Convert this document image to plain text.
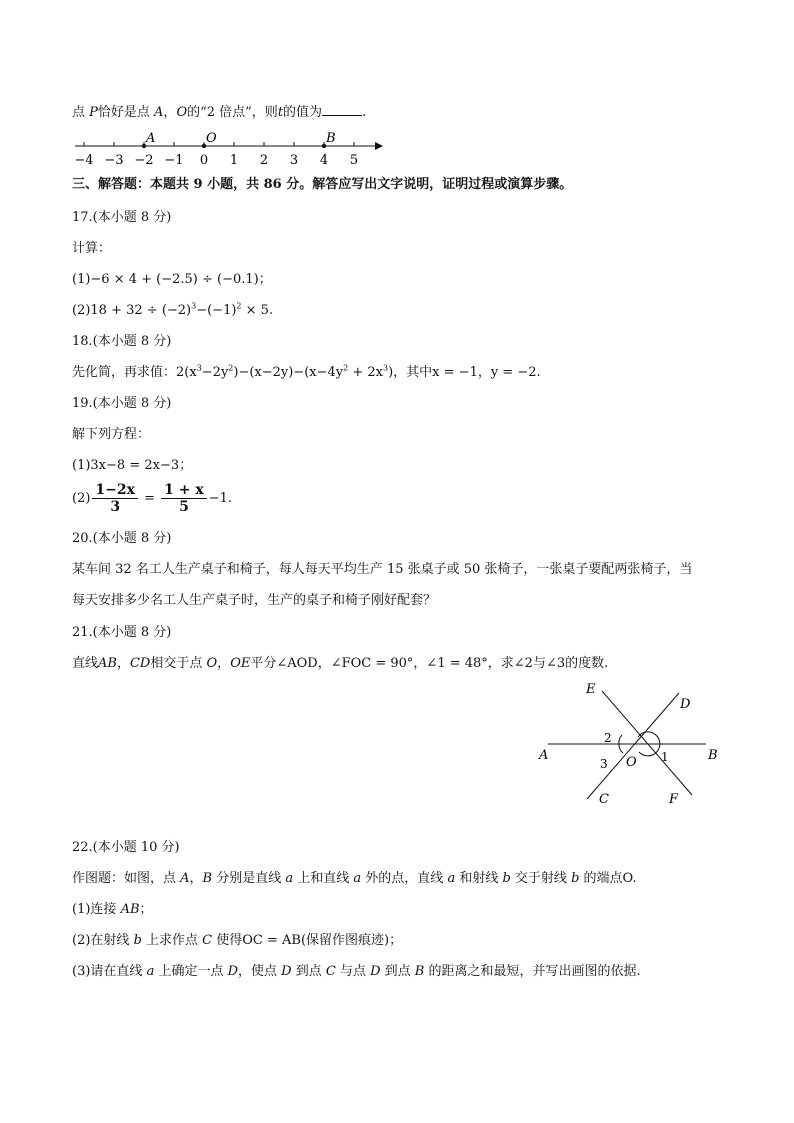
点 P恰好是点 A，O的“2 倍点”，则t的值为	.
−4 −3 −2 −1 0 1 2 3 4 5
A	O	B
三、解答题：本题共 9 小题，共 86 分。解答应写出文字说明，证明过程或演算步骤。
17.(本小题 8 分)
计算：
(1)−6 × 4 + (−2.5) ÷ (−0.1)；
$(2)18 + 32 \div (-2)^3-(-1)^2 \times 5$.
18.(本小题 8 分)
先化简，再求值：$2(x^3-2y^2)-(x-2y)-(x-4y^2 + 2x^3)$，其中x = −1，y = −2.
19.(本小题 8 分)
解下列方程：
(1)3x−8 = 2x−3；
$(2) \frac{1-2x}{3} = \frac{1 + x}{5} -1$.
20.(本小题 8 分)
某车间 32 名工人生产桌子和椅子，每人每天平均生产 15 张桌子或 50 张椅子，一张桌子要配两张椅子，当
每天安排多少名工人生产桌子时，生产的桌子和椅子刚好配套？
21.(本小题 8 分)
直线AB，CD相交于点 O，OE平分∠AOD，∠FOC = 90°，∠1 = 48°，求∠2与∠3的度数.
E
D
A	B
C	F
O 1
2
3
22.(本小题 10 分)
作图题：如图，点 A，B 分别是直线 a 上和直线 a 外的点，直线 a 和射线 b 交于射线 b 的端点O.
(1)连接 AB；
(2)在射线 b 上求作点 C 使得OC = AB(保留作图痕迹)；
(3)请在直线 a 上确定一点 D，使点 D 到点 C 与点 D 到点 B 的距离之和最短，并写出画图的依据.
